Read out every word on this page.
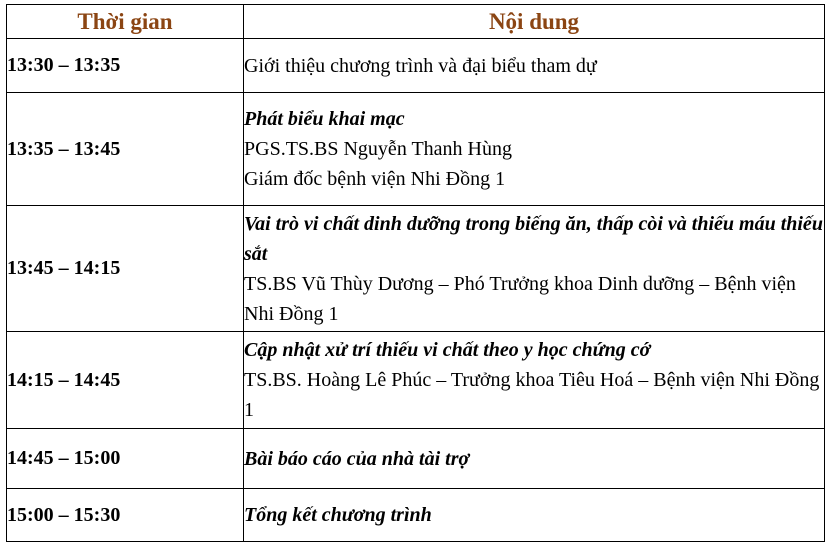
Thời gian	Nội dung
13:30 – 13:35	Giới thiệu chương trình và đại biểu tham dự

13:35 – 13:45	Phát biểu khai mạc
PGS.TS.BS Nguyễn Thanh Hùng
Giám đốc bệnh viện Nhi Đồng 1

13:45 – 14:15	Vai trò vi chất dinh dưỡng trong biếng ăn, thấp còi và thiếu máu thiếu sắt
TS.BS Vũ Thùy Dương – Phó Trưởng khoa Dinh dưỡng – Bệnh viện Nhi Đồng 1

14:15 – 14:45	Cập nhật xử trí thiếu vi chất theo y học chứng cớ
TS.BS. Hoàng Lê Phúc – Trưởng khoa Tiêu Hoá – Bệnh viện Nhi Đồng 1

14:45 – 15:00	Bài báo cáo của nhà tài trợ

15:00 – 15:30	Tổng kết chương trình
